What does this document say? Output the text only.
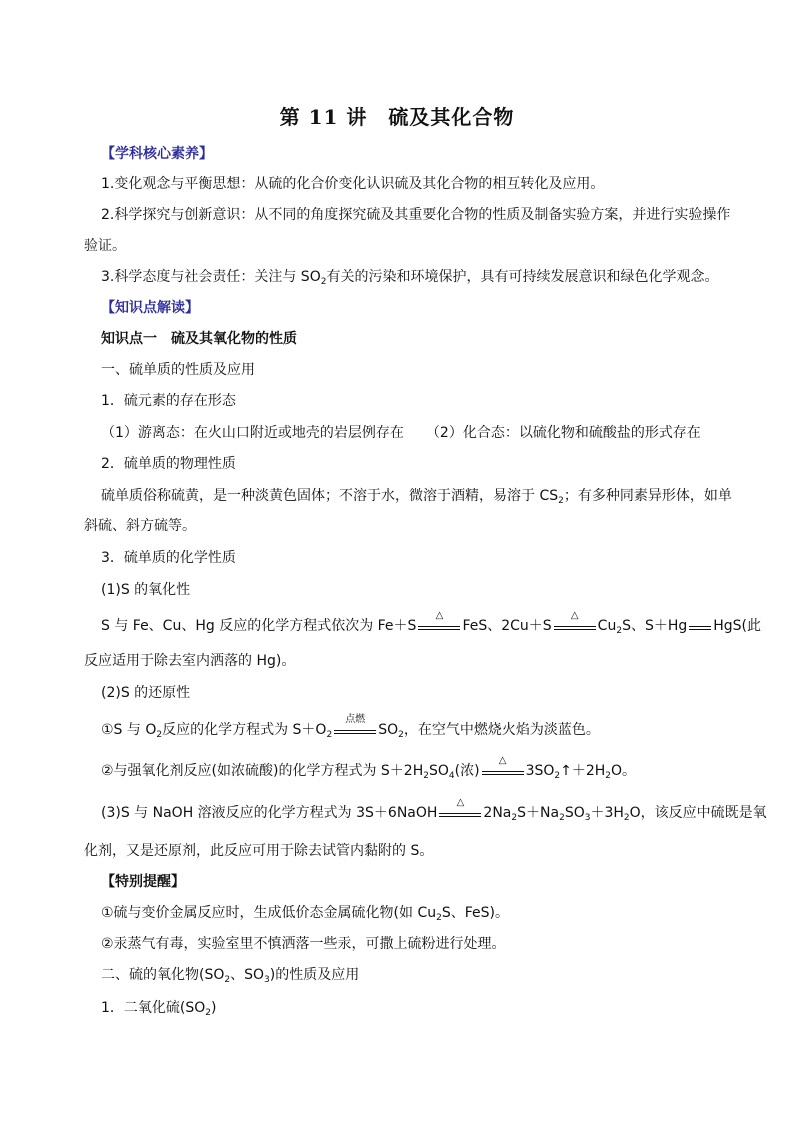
第 11 讲　硫及其化合物
【学科核心素养】
1.变化观念与平衡思想：从硫的化合价变化认识硫及其化合物的相互转化及应用。
2.科学探究与创新意识：从不同的角度探究硫及其重要化合物的性质及制备实验方案，并进行实验操作
验证。
3.科学态度与社会责任：关注与 $SO_2$有关的污染和环境保护，具有可持续发展意识和绿色化学观念。
【知识点解读】
知识点一　硫及其氧化物的性质
一、硫单质的性质及应用
1．硫元素的存在形态
（1）游离态：在火山口附近或地壳的岩层例存在 （2）化合态：以硫化物和硫酸盐的形式存在
2．硫单质的物理性质
硫单质俗称硫黄，是一种淡黄色固体；不溶于水，微溶于酒精，易溶于 $CS_2$；有多种同素异形体，如单
斜硫、斜方硫等。
3．硫单质的化学性质
(1)S 的氧化性
S 与 Fe、Cu、Hg 反应的化学方程式依次为 Fe＋S
△
FeS、2Cu＋S
△
$Cu_2S$、S＋Hg HgS(此
反应适用于除去室内洒落的 Hg)。
(2)S 的还原性
①S 与 $O_2$反应的化学方程式为 $S+O_2$
点燃
$SO_2$，在空气中燃烧火焰为淡蓝色。
②与强氧化剂反应(如浓硫酸)的化学方程式为 $S+2H_2SO_4$(浓)
△
$3SO_2↑+2H_2O$。
(3)S 与 NaOH 溶液反应的化学方程式为 3S＋6NaOH
△
$2Na_2S+Na_2SO_3+3H_2O$，该反应中硫既是氧
化剂，又是还原剂，此反应可用于除去试管内黏附的 S。
【特别提醒】
①硫与变价金属反应时，生成低价态金属硫化物(如 $Cu_2S$、FeS)。
②汞蒸气有毒，实验室里不慎洒落一些汞，可撒上硫粉进行处理。
二、硫的氧化物($SO_2$、$SO_3$)的性质及应用
1．二氧化硫$(SO_2)$
